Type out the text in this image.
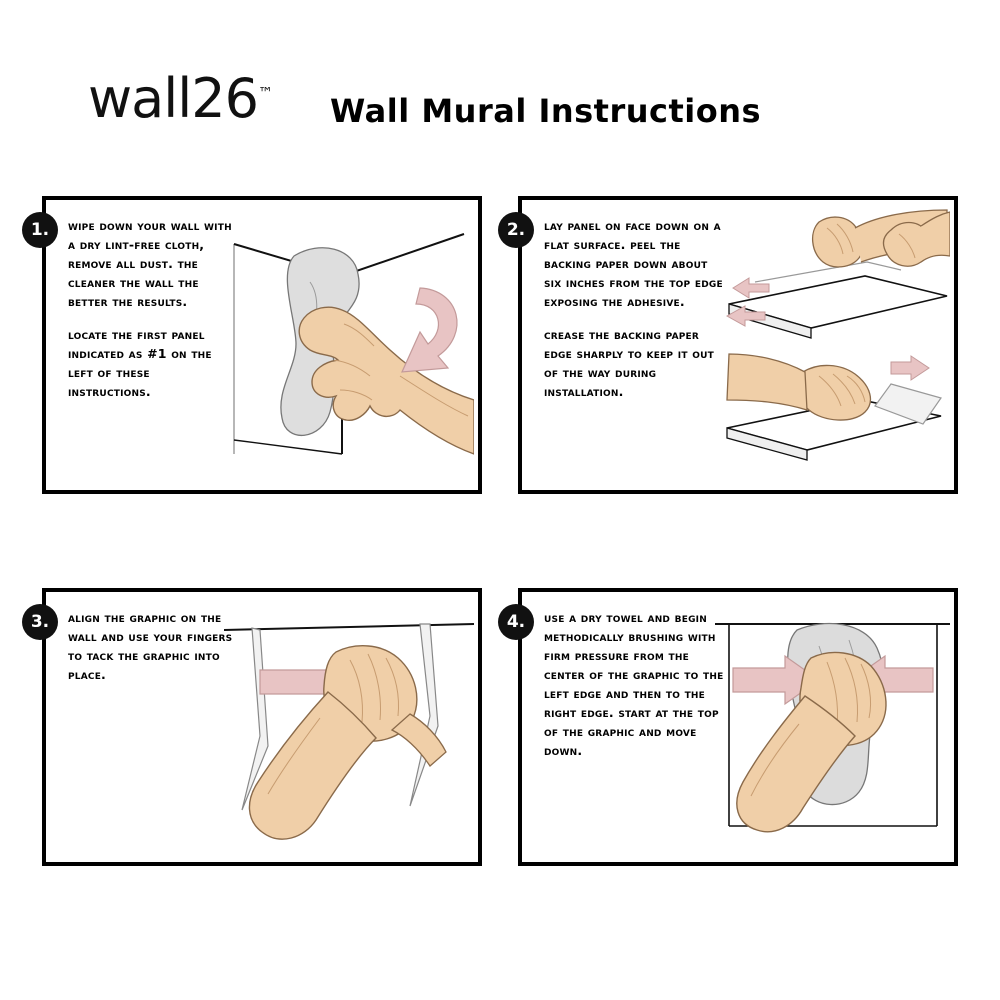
wall26™ Wall Mural Instructions
wipe down your wall with a dry lint-free cloth, remove all dust. the cleaner the wall the better the results.
locate the first panel indicated as #1 on the left of these instructions.
1.	lay panel on face down on a flat surface. peel the backing paper down about six inches from the top edge exposing the adhesive.
crease the backing paper edge sharply to keep it out of the way during installation.
2.
align the graphic on the wall and use your fingers to tack the graphic into place.
3.	use a dry towel and begin methodically brushing with firm pressure from the center of the graphic to the left edge and then to the right edge. start at the top of the graphic and move down.
4.
